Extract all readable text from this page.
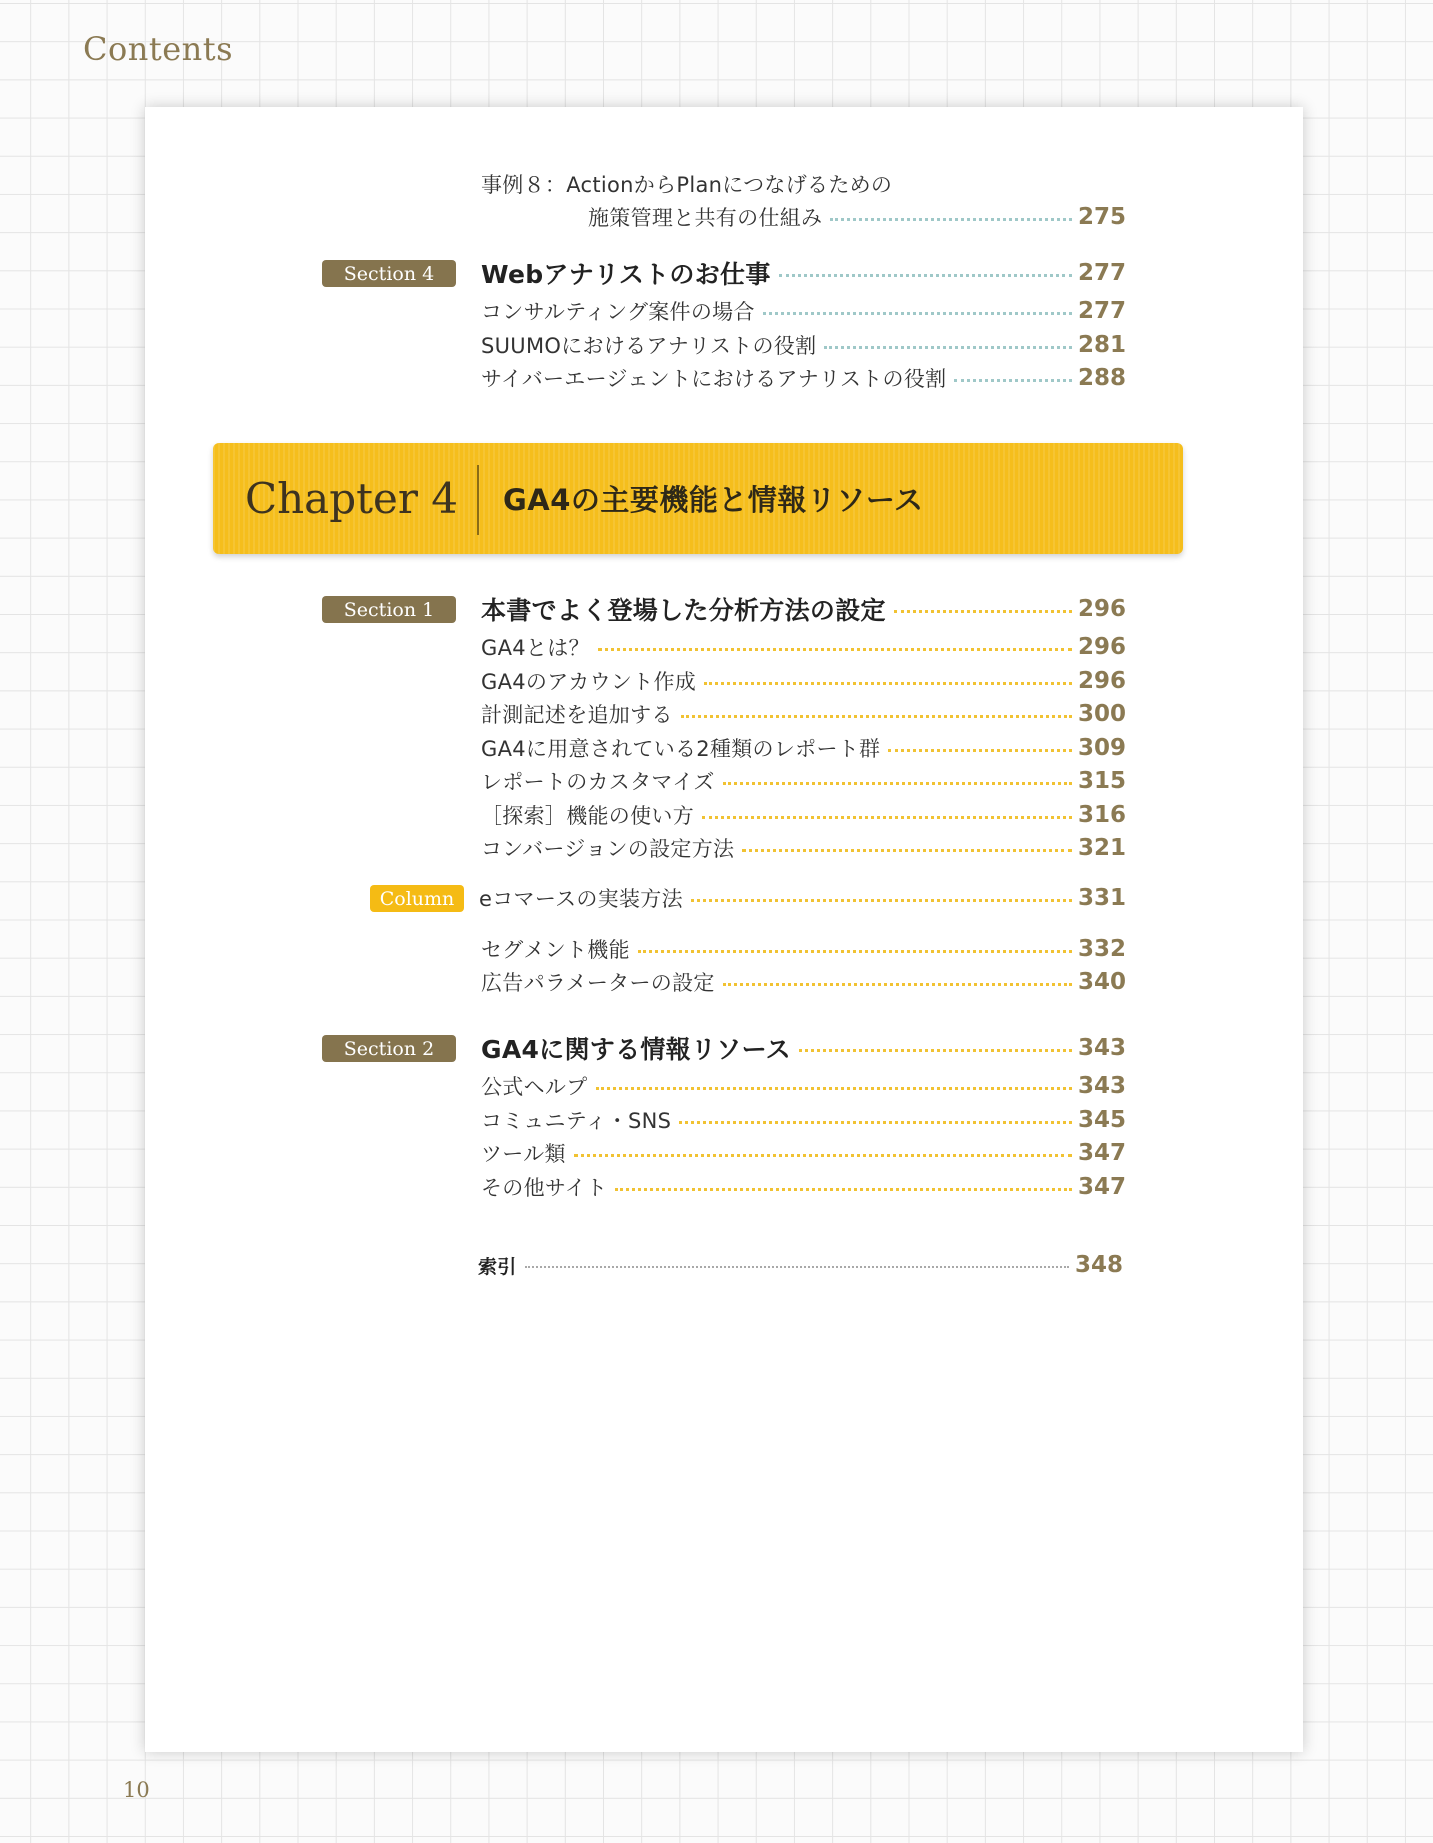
Contents
事例８：ActionからPlanにつなげるための
施策管理と共有の仕組み	275
Section 4	Webアナリストのお仕事	277
コンサルティング案件の場合	277
SUUMOにおけるアナリストの役割	281
サイバーエージェントにおけるアナリストの役割	288
Chapter 4 GA4の主要機能と情報リソース
Section 1	本書でよく登場した分析方法の設定	296
GA4とは？	296
GA4のアカウント作成	296
計測記述を追加する	300
GA4に用意されている2種類のレポート群	309
レポートのカスタマイズ	315
［探索］機能の使い方	316
コンバージョンの設定方法	321
Column	eコマースの実装方法	331
セグメント機能	332
広告パラメーターの設定	340
Section 2	GA4に関する情報リソース	343
公式ヘルプ	343
コミュニティ・SNS	345
ツール類	347
その他サイト	347
索引	348
10
